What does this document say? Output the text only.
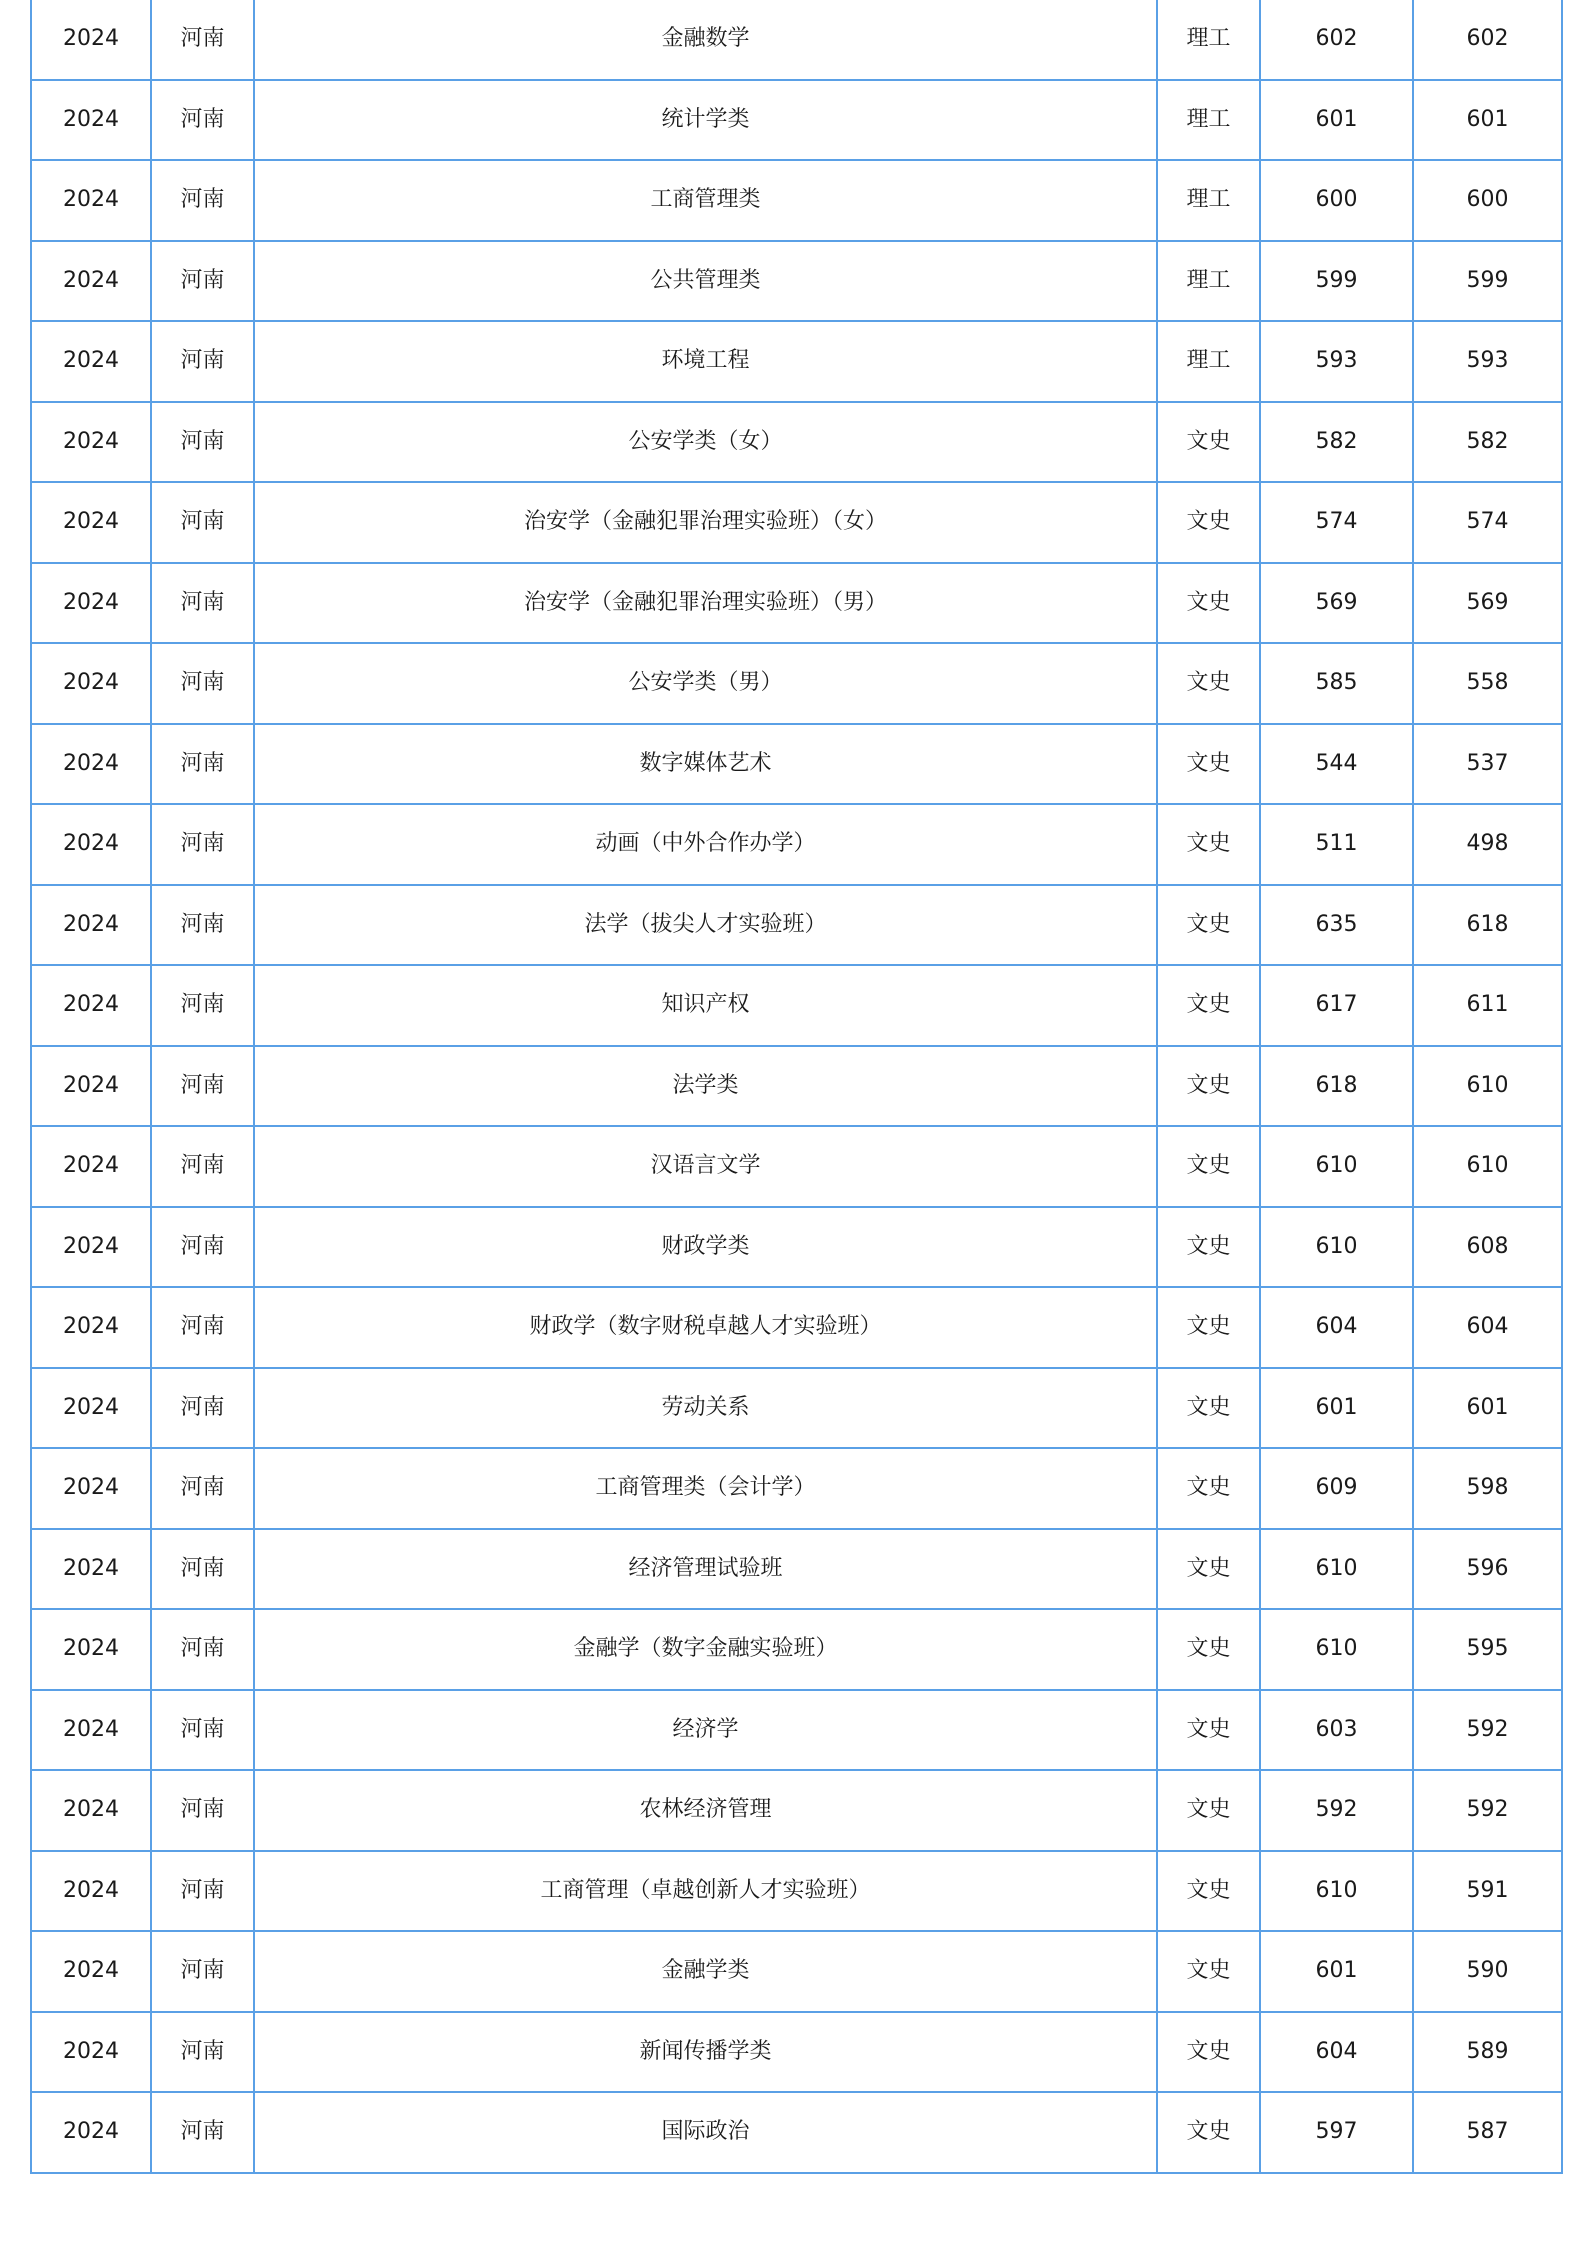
2024	河南	金融数学	理工	602	602
2024	河南	统计学类	理工	601	601
2024	河南	工商管理类	理工	600	600
2024	河南	公共管理类	理工	599	599
2024	河南	环境工程	理工	593	593
2024	河南	公安学类（女）	文史	582	582
2024	河南	治安学（金融犯罪治理实验班）（女）	文史	574	574
2024	河南	治安学（金融犯罪治理实验班）（男）	文史	569	569
2024	河南	公安学类（男）	文史	585	558
2024	河南	数字媒体艺术	文史	544	537
2024	河南	动画（中外合作办学）	文史	511	498
2024	河南	法学（拔尖人才实验班）	文史	635	618
2024	河南	知识产权	文史	617	611
2024	河南	法学类	文史	618	610
2024	河南	汉语言文学	文史	610	610
2024	河南	财政学类	文史	610	608
2024	河南	财政学（数字财税卓越人才实验班）	文史	604	604
2024	河南	劳动关系	文史	601	601
2024	河南	工商管理类（会计学）	文史	609	598
2024	河南	经济管理试验班	文史	610	596
2024	河南	金融学（数字金融实验班）	文史	610	595
2024	河南	经济学	文史	603	592
2024	河南	农林经济管理	文史	592	592
2024	河南	工商管理（卓越创新人才实验班）	文史	610	591
2024	河南	金融学类	文史	601	590
2024	河南	新闻传播学类	文史	604	589
2024	河南	国际政治	文史	597	587
